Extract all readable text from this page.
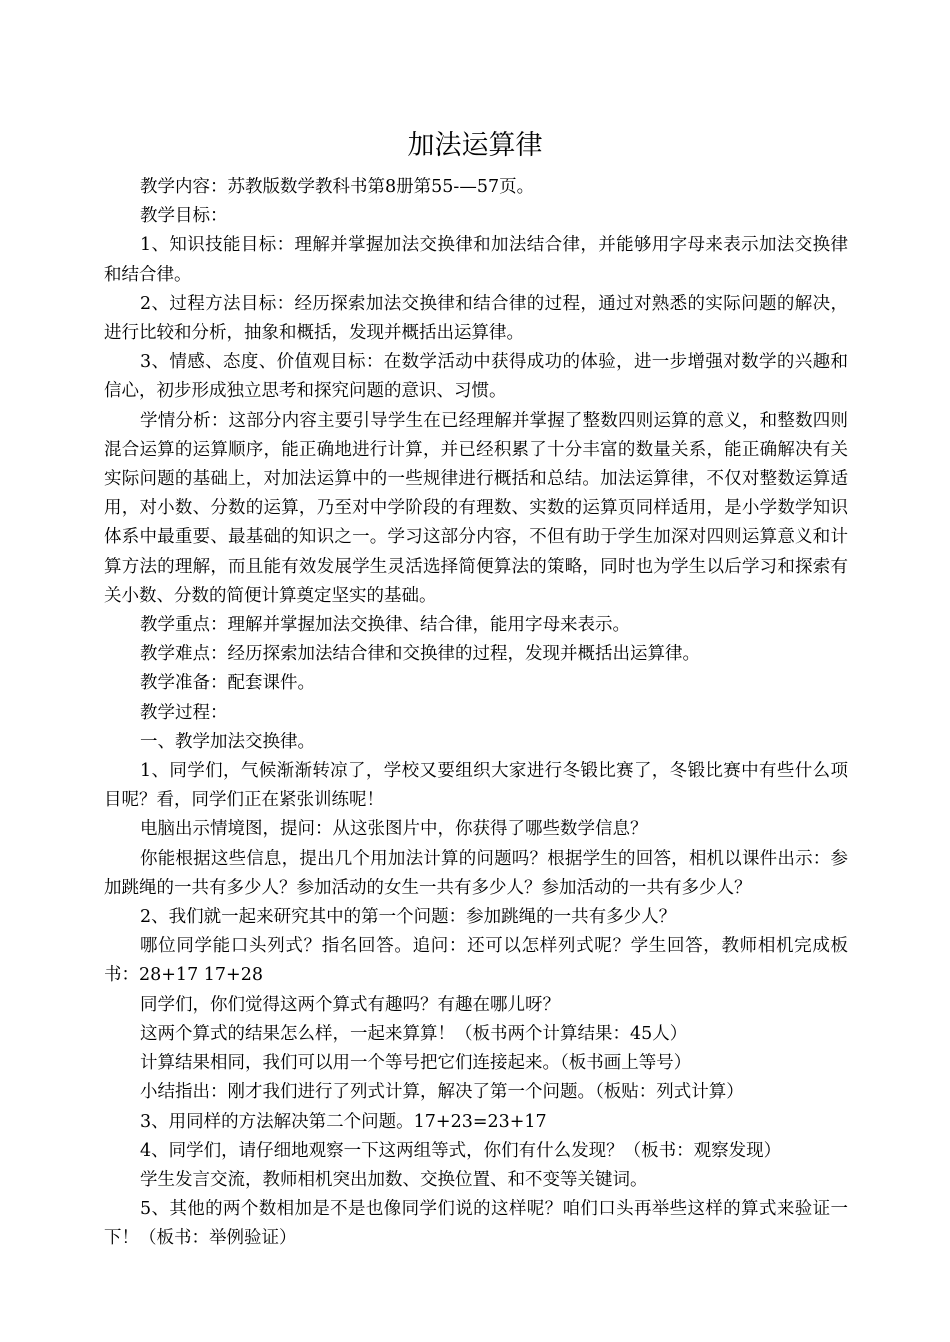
加法运算律

教学内容：苏教版数学教科书第8册第55-—57页。

教学目标：

1、知识技能目标：理解并掌握加法交换律和加法结合律，并能够用字母来表示加法交换律和结合律。

2、过程方法目标：经历探索加法交换律和结合律的过程，通过对熟悉的实际问题的解决，进行比较和分析，抽象和概括，发现并概括出运算律。

3、情感、态度、价值观目标：在数学活动中获得成功的体验，进一步增强对数学的兴趣和信心，初步形成独立思考和探究问题的意识、习惯。

学情分析：这部分内容主要引导学生在已经理解并掌握了整数四则运算的意义，和整数四则混合运算的运算顺序，能正确地进行计算，并已经积累了十分丰富的数量关系，能正确解决有关实际问题的基础上，对加法运算中的一些规律进行概括和总结。加法运算律，不仅对整数运算适用，对小数、分数的运算，乃至对中学阶段的有理数、实数的运算页同样适用，是小学数学知识体系中最重要、最基础的知识之一。学习这部分内容，不但有助于学生加深对四则运算意义和计算方法的理解，而且能有效发展学生灵活选择简便算法的策略，同时也为学生以后学习和探索有关小数、分数的简便计算奠定坚实的基础。

教学重点：理解并掌握加法交换律、结合律，能用字母来表示。

教学难点：经历探索加法结合律和交换律的过程，发现并概括出运算律。

教学准备：配套课件。

教学过程：

一、教学加法交换律。

1、同学们，气候渐渐转凉了，学校又要组织大家进行冬锻比赛了，冬锻比赛中有些什么项目呢？看，同学们正在紧张训练呢！

电脑出示情境图，提问：从这张图片中，你获得了哪些数学信息？

你能根据这些信息，提出几个用加法计算的问题吗？根据学生的回答，相机以课件出示：参加跳绳的一共有多少人？参加活动的女生一共有多少人？参加活动的一共有多少人？

2、我们就一起来研究其中的第一个问题：参加跳绳的一共有多少人？

哪位同学能口头列式？指名回答。追问：还可以怎样列式呢？学生回答，教师相机完成板书：28+17 17+28

同学们，你们觉得这两个算式有趣吗？有趣在哪儿呀？

这两个算式的结果怎么样，一起来算算！（板书两个计算结果：45人）

计算结果相同，我们可以用一个等号把它们连接起来。（板书画上等号）

小结指出：刚才我们进行了列式计算，解决了第一个问题。（板贴：列式计算）

3、用同样的方法解决第二个问题。17+23=23+17

4、同学们，请仔细地观察一下这两组等式，你们有什么发现？（板书：观察发现）

学生发言交流，教师相机突出加数、交换位置、和不变等关键词。

5、其他的两个数相加是不是也像同学们说的这样呢？咱们口头再举些这样的算式来验证一下！（板书：举例验证）
